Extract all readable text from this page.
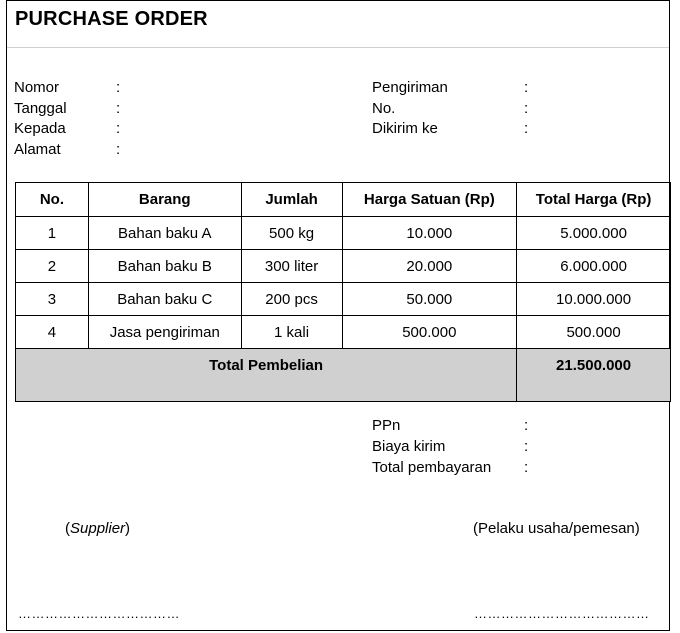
PURCHASE ORDER
Nomor	:
Tanggal	:
Kepada	:
Alamat	:
Pengiriman	:
No.	:
Dikirim ke	:
No.	Barang	Jumlah	Harga Satuan (Rp)	Total Harga (Rp)
1	Bahan baku A	500 kg	10.000	5.000.000
2	Bahan baku B	300 liter	20.000	6.000.000
3	Bahan baku C	200 pcs	50.000	10.000.000
4	Jasa pengiriman	1 kali	500.000	500.000
Total Pembelian				21.500.000
PPn	:
Biaya kirim	:
Total pembayaran :
(Supplier)	(Pelaku usaha/pemesan)
………………………………	…………………………………
